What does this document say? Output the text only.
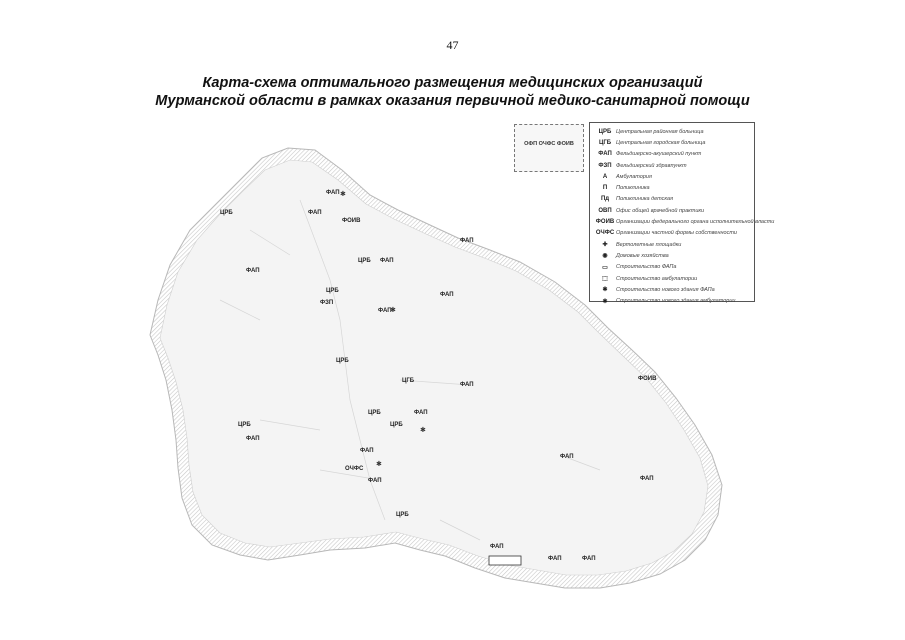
47
Карта-схема оптимального размещения медицинских организаций
Мурманской области в рамках оказания первичной медико-санитарной помощи
ЦРБ	ФАП
ФОИВ
ФАП
ФАП
ЦРБ ФАП
ЦРБ
ФАП
ФЗП
ЦРБ
ЦГБ
ФАП
ЦРБ	ФАП
ЦРБ
ФАП
ЦРБ
ФАП
ОЧФС
ЦРБ
ФАП
ФАП
ФОИВ
ФАП
ФАП	ФАП
ФАП
ФАП
ФАП
✱
✱
✱
✱
ОФП ОЧФС ФОИВ
ЦРБ Центральная районная больница
ЦГБ Центральная городская больница
ФАП Фельдшерско-акушерский пункт
ФЗП Фельдшерский здравпункт
А	Амбулатория
П	Поликлиника
Пд	Поликлиника детская
ОВП Офис общей врачебной практики
ФОИВ Организации федерального органа исполнительной власти
ОЧФС Организации частной формы собственности
✚	Вертолетные площадки
◉	Домовые хозяйства
▭	Строительство ФАПа
⬚	Строительство амбулатории
✱	Строительство нового здания ФАПа
✱	Строительство нового здания амбулатории
